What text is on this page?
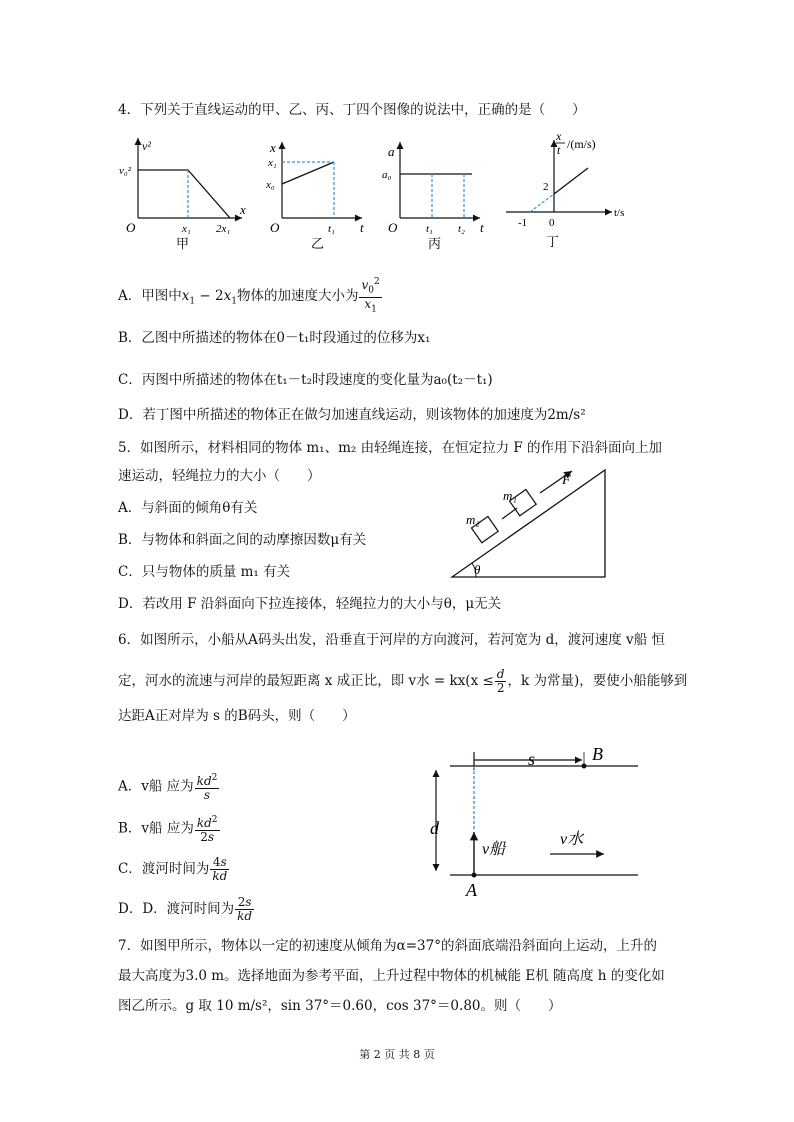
4．下列关于直线运动的甲、乙、丙、丁四个图像的说法中，正确的是（　　）
v²
v₀²
x
O	x₁ 2x₁
甲
x
x₁
x₀
t
O	t₁
乙
a
a₀
t
O	t₁ t₂
丙
x
t /(m/s)
t/s
-1 0
2
丁
A．甲图中$x_1 - 2x_1$物体的加速度大小为 $\frac{v_0^2}{x_1}$
B．乙图中所描述的物体在0－t₁时段通过的位移为x₁
C．丙图中所描述的物体在t₁－t₂时段速度的变化量为a₀(t₂－t₁)
D．若丁图中所描述的物体正在做匀加速直线运动，则该物体的加速度为2m/s²
5．如图所示，材料相同的物体 m₁、m₂ 由轻绳连接，在恒定拉力 F 的作用下沿斜面向上加
速运动，轻绳拉力的大小（　　）
A．与斜面的倾角θ有关
B．与物体和斜面之间的动摩擦因数μ有关
C．只与物体的质量 m₁ 有关
D．若改用 F 沿斜面向下拉连接体，轻绳拉力的大小与θ，μ无关
m₁
m₂
F
θ
6．如图所示，小船从A码头出发，沿垂直于河岸的方向渡河，若河宽为 d，渡河速度 v船 恒
定，河水的流速与河岸的最短距离 x 成正比，即 v水 = $kx(x \le \frac{d}{2}$ ，k 为常量)，要使小船能够到
达距A正对岸为 s 的B码头，则（　　）
A．v船 应为 $\frac{kd^2}{s}$
B．v船 应为 $\frac{kd^2}{2s}$
C．渡河时间为 $\frac{4s}{kd}$
D．D．渡河时间为 $\frac{2s}{kd}$
s	B
A
d
v船
v水
7．如图甲所示，物体以一定的初速度从倾角为α=37°的斜面底端沿斜面向上运动，上升的
最大高度为3.0 m。选择地面为参考平面，上升过程中物体的机械能 E机 随高度 h 的变化如
图乙所示。g 取 10 m/s²，sin 37°＝0.60，cos 37°＝0.80。则（　　）
第 2 页 共 8 页
